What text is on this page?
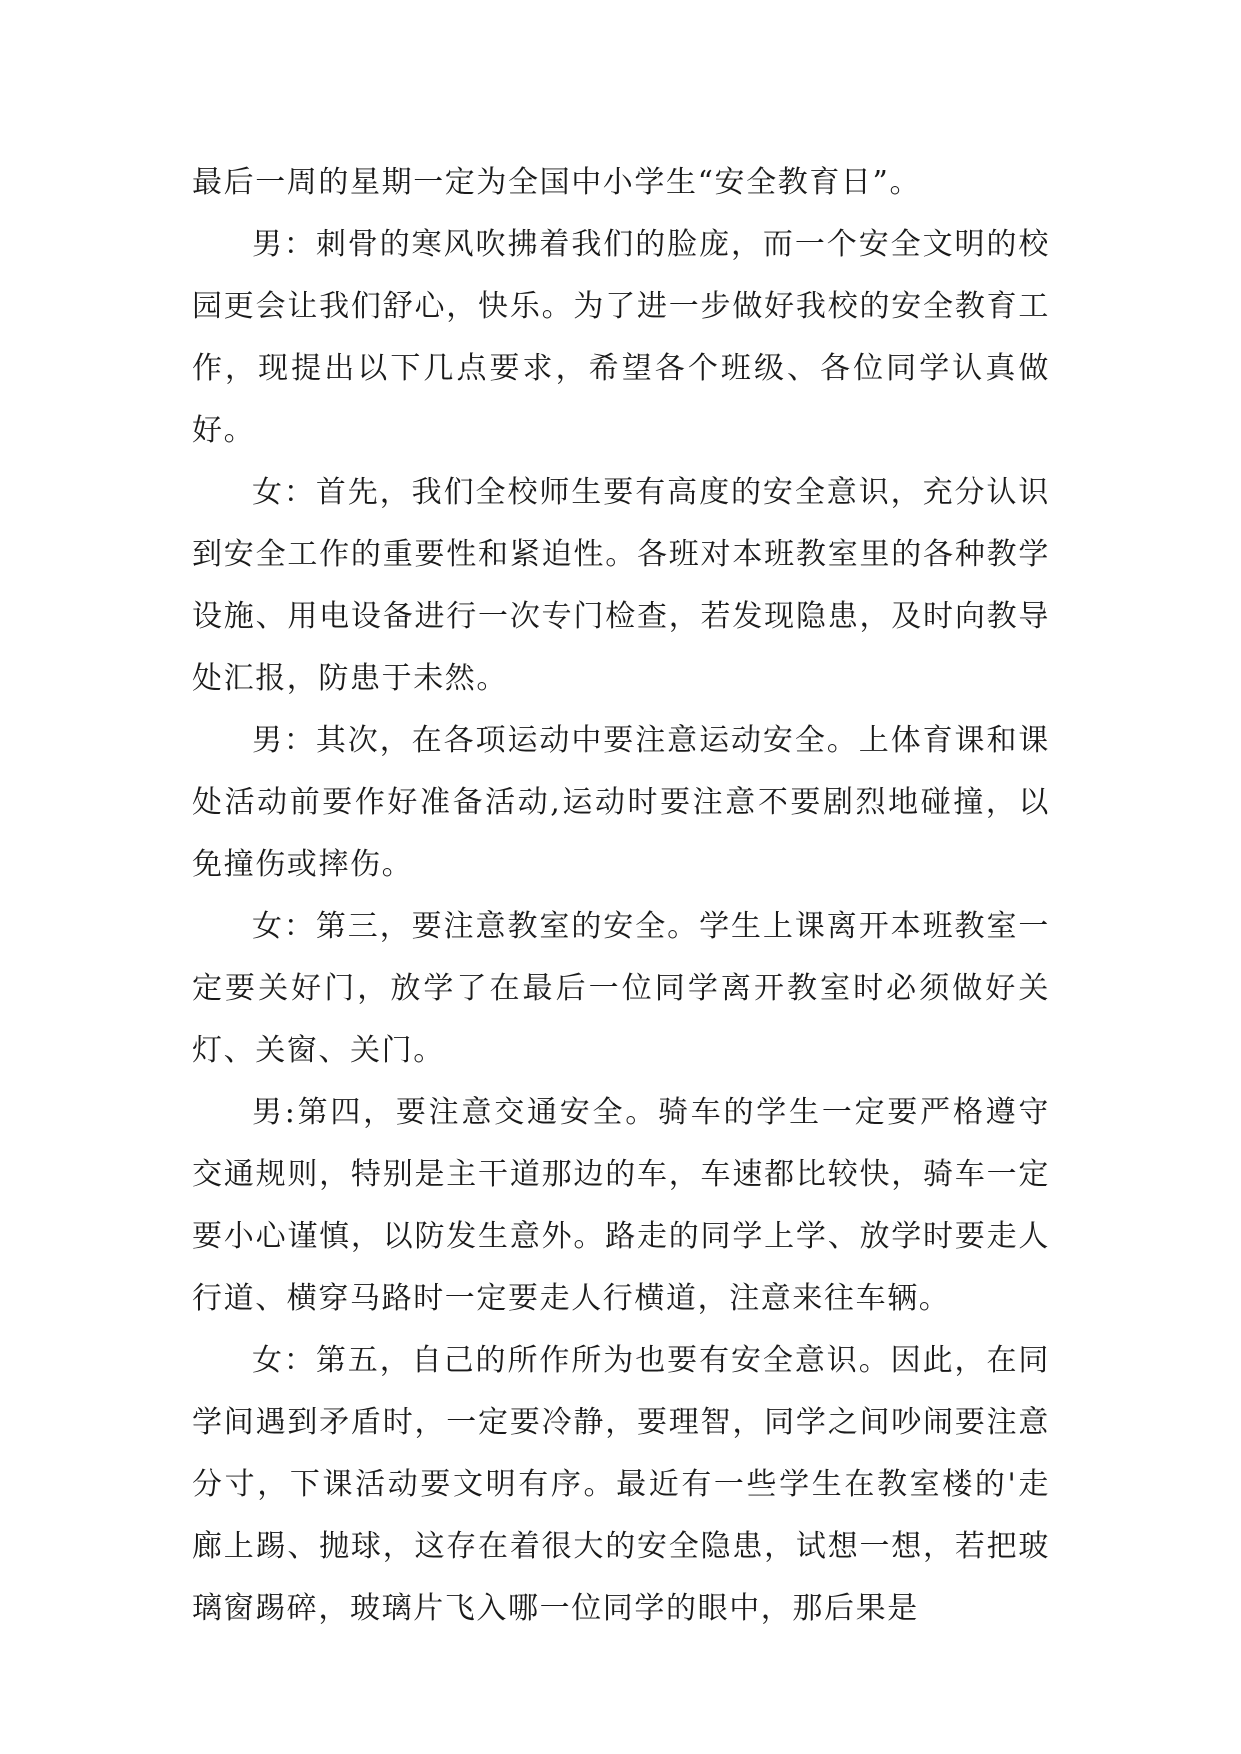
最后一周的星期一定为全国中小学生“安全教育日”。

男：刺骨的寒风吹拂着我们的脸庞，而一个安全文明的校园更会让我们舒心，快乐。为了进一步做好我校的安全教育工作，现提出以下几点要求，希望各个班级、各位同学认真做好。

女：首先，我们全校师生要有高度的安全意识，充分认识到安全工作的重要性和紧迫性。各班对本班教室里的各种教学设施、用电设备进行一次专门检查，若发现隐患，及时向教导处汇报，防患于未然。

男：其次，在各项运动中要注意运动安全。上体育课和课处活动前要作好准备活动,运动时要注意不要剧烈地碰撞，以免撞伤或摔伤。

女：第三，要注意教室的安全。学生上课离开本班教室一定要关好门，放学了在最后一位同学离开教室时必须做好关灯、关窗、关门。

男:第四，要注意交通安全。骑车的学生一定要严格遵守交通规则，特别是主干道那边的车，车速都比较快，骑车一定要小心谨慎，以防发生意外。路走的同学上学、放学时要走人行道、横穿马路时一定要走人行横道，注意来往车辆。

女：第五，自己的所作所为也要有安全意识。因此，在同学间遇到矛盾时，一定要冷静，要理智，同学之间吵闹要注意分寸，下课活动要文明有序。最近有一些学生在教室楼的'走廊上踢、抛球，这存在着很大的安全隐患，试想一想，若把玻璃窗踢碎，玻璃片飞入哪一位同学的眼中，那后果是
